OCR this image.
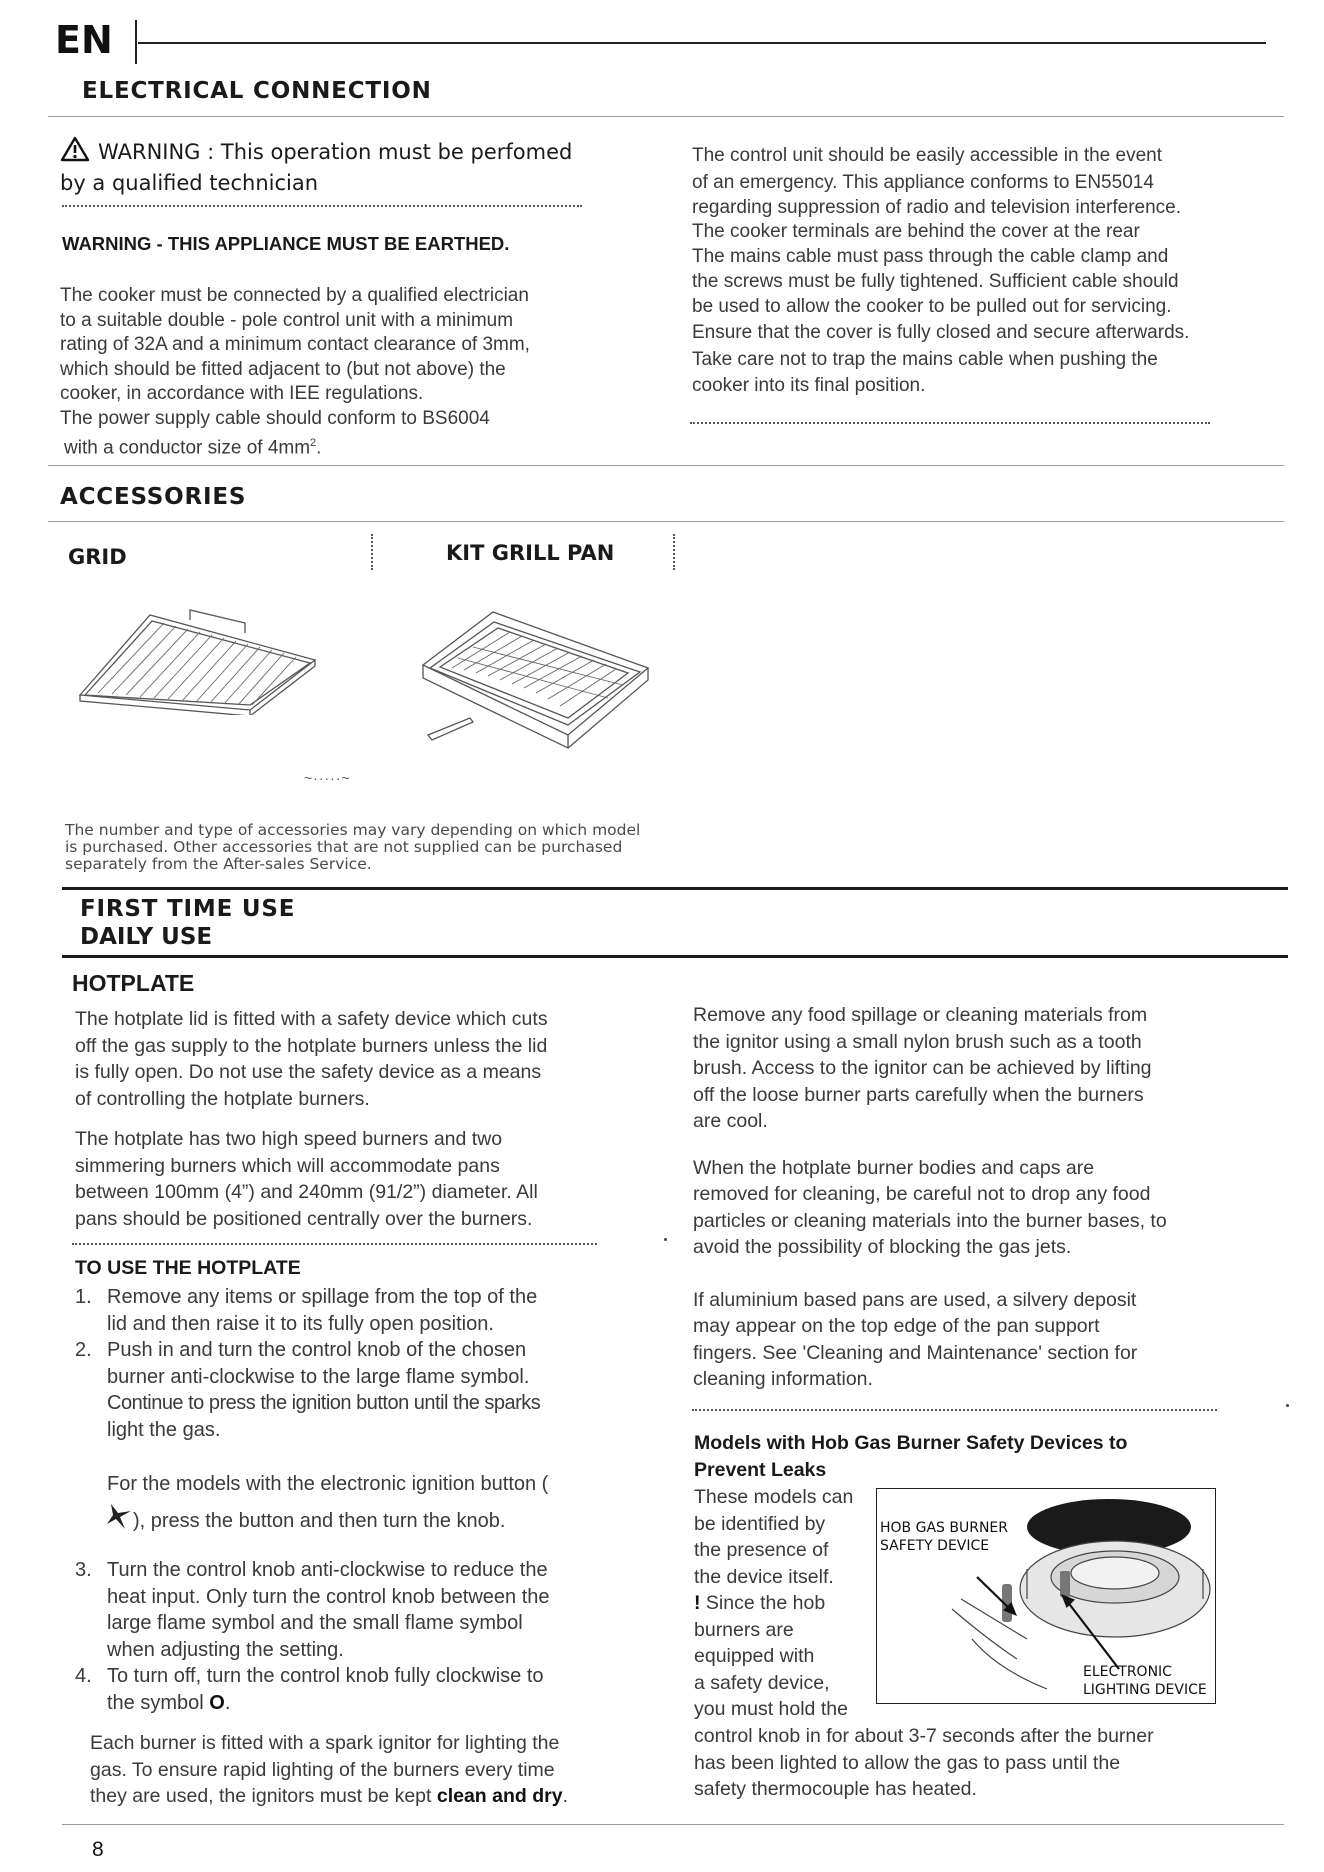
EN
ELECTRICAL CONNECTION
WARNING : This operation must be perfomed
by a qualified technician
WARNING - THIS APPLIANCE MUST BE EARTHED.

The cooker must be connected by a qualified electrician

to a suitable double - pole control unit with a minimum

rating of 32A and a minimum contact clearance of 3mm,

which should be fitted adjacent to (but not above) the

cooker, in accordance with IEE regulations.

The power supply cable should conform to BS6004

with a conductor size of $4mm^2$.

The control unit should be easily accessible in the event

of an emergency. This appliance conforms to EN55014

regarding suppression of radio and television interference.

The cooker terminals are behind the cover at the rear

The mains cable must pass through the cable clamp and

the screws must be fully tightened. Sufficient cable should

be used to allow the cooker to be pulled out for servicing.

Ensure that the cover is fully closed and secure afterwards.

Take care not to trap the mains cable when pushing the

cooker into its final position.

ACCESSORIES
GRID	KIT GRILL PAN
~·····~
The number and type of accessories may vary depending on which model
is purchased. Other accessories that are not supplied can be purchased
separately from the After-sales Service.
FIRST TIME USE
DAILY USE
HOTPLATE

The hotplate lid is fitted with a safety device which cuts

off the gas supply to the hotplate burners unless the lid

is fully open. Do not use the safety device as a means

of controlling the hotplate burners.

The hotplate has two high speed burners and two

simmering burners which will accommodate pans

between 100mm (4”) and 240mm (91/2”) diameter. All

pans should be positioned centrally over the burners.

TO USE THE HOTPLATE
1. Remove any items or spillage from the top of the
lid and then raise it to its fully open position.
2. Push in and turn the control knob of the chosen
burner anti-clockwise to the large flame symbol.
Continue to press the ignition button until the sparks
light the gas.
For the models with the electronic ignition button (
), press the button and then turn the knob.
3. Turn the control knob anti-clockwise to reduce the
heat input. Only turn the control knob between the
large flame symbol and the small flame symbol
when adjusting the setting.
4. To turn off, turn the control knob fully clockwise to
the symbol O.

Each burner is fitted with a spark ignitor for lighting the

gas. To ensure rapid lighting of the burners every time

they are used, the ignitors must be kept clean and dry.

Remove any food spillage or cleaning materials from

the ignitor using a small nylon brush such as a tooth

brush. Access to the ignitor can be achieved by lifting

off the loose burner parts carefully when the burners

are cool.

When the hotplate burner bodies and caps are

removed for cleaning, be careful not to drop any food

particles or cleaning materials into the burner bases, to

avoid the possibility of blocking the gas jets.

If aluminium based pans are used, a silvery deposit

may appear on the top edge of the pan support

fingers. See 'Cleaning and Maintenance' section for

cleaning information.

Models with Hob Gas Burner Safety Devices to
Prevent Leaks

These models can

be identified by

the presence of

the device itself.

! Since the hob

burners are

equipped with

a safety device,

you must hold the

HOB GAS BURNER
SAFETY DEVICE
ELECTRONIC
LIGHTING DEVICE

control knob in for about 3-7 seconds after the burner

has been lighted to allow the gas to pass until the

safety thermocouple has heated.

8
